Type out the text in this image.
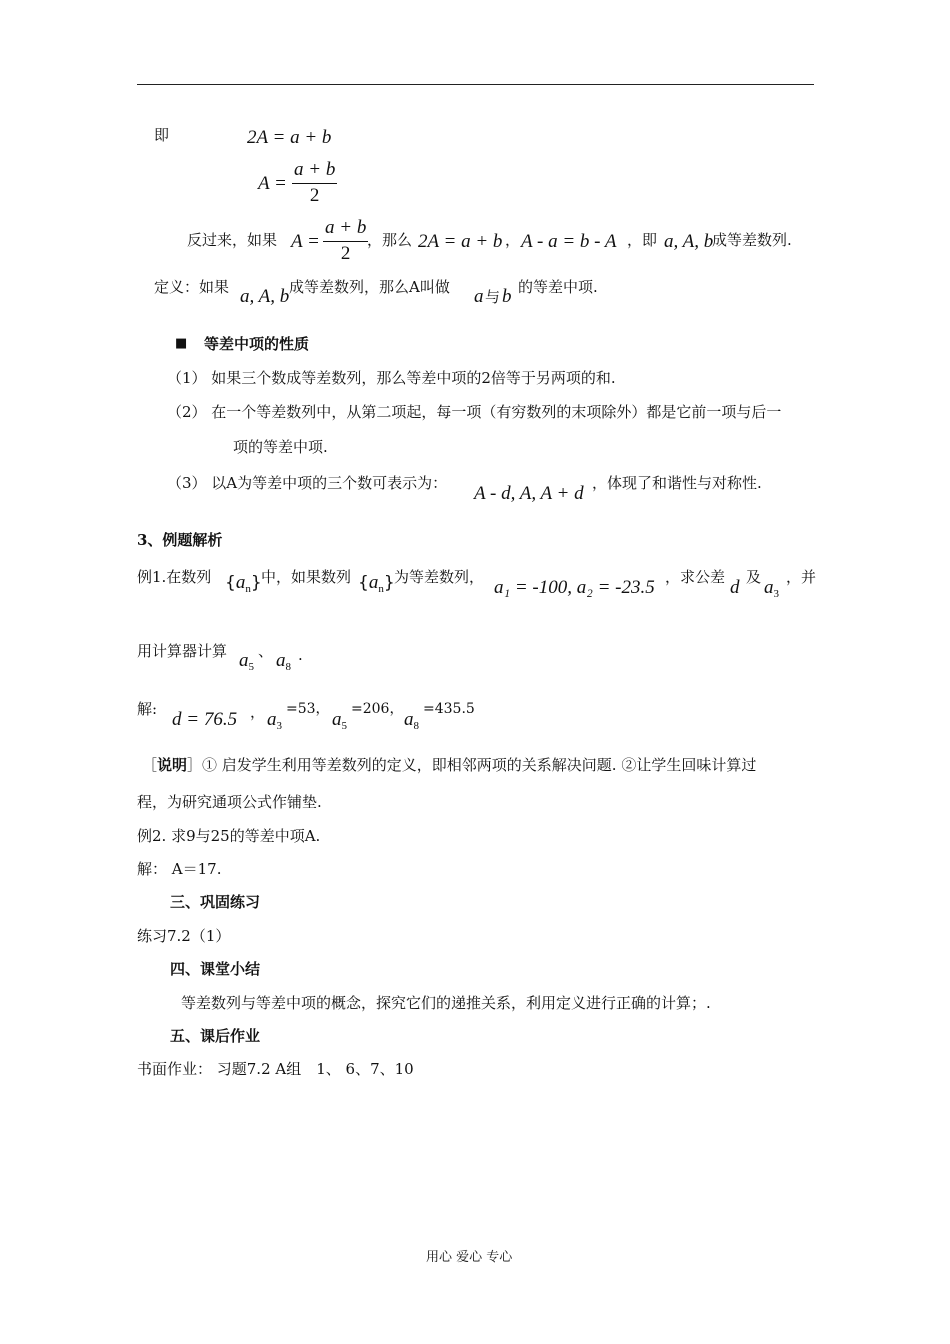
即	2A = a + b
A =
a + b
2
反过来，如果 A =
a + b
2
，那么 2A = a + b ， A - a = b - A ，即 a, A, b
成等差数列.
定义：如果 a, A, b 成等差数列，那么A叫做 a 与 b 的等差中项.
■ 等差中项的性质
（1） 如果三个数成等差数列，那么等差中项的2倍等于另两项的和.
（2） 在一个等差数列中，从第二项起，每一项（有穷数列的末项除外）都是它前一项与后一
项的等差中项.
（3） 以A为等差中项的三个数可表示为： A - d, A, A + d ，体现了和谐性与对称性.
3、例题解析
例1.在数列 $\{a_n\}$ 中，如果数列 $\{a_n\}$ 为等差数列， a₁ = -100, a₂ = -23.5 ，求公差 d 及 $a_3$
，并
用计算器计算 $a_5$
、 $a_8$
.
解: d = 76.5 ， $a_3$
=53， $a_5$
=206， $a_8$
=435.5
［说明］① 启发学生利用等差数列的定义，即相邻两项的关系解决问题. ②让学生回味计算过
程，为研究通项公式作铺垫.
例2. 求9与25的等差中项A.
解： A＝17.
三、巩固练习
练习7.2（1）
四、课堂小结
等差数列与等差中项的概念，探究它们的递推关系，利用定义进行正确的计算；.
五、课后作业
书面作业： 习题7.2 A组　1、 6、7、10
用心 爱心 专心
